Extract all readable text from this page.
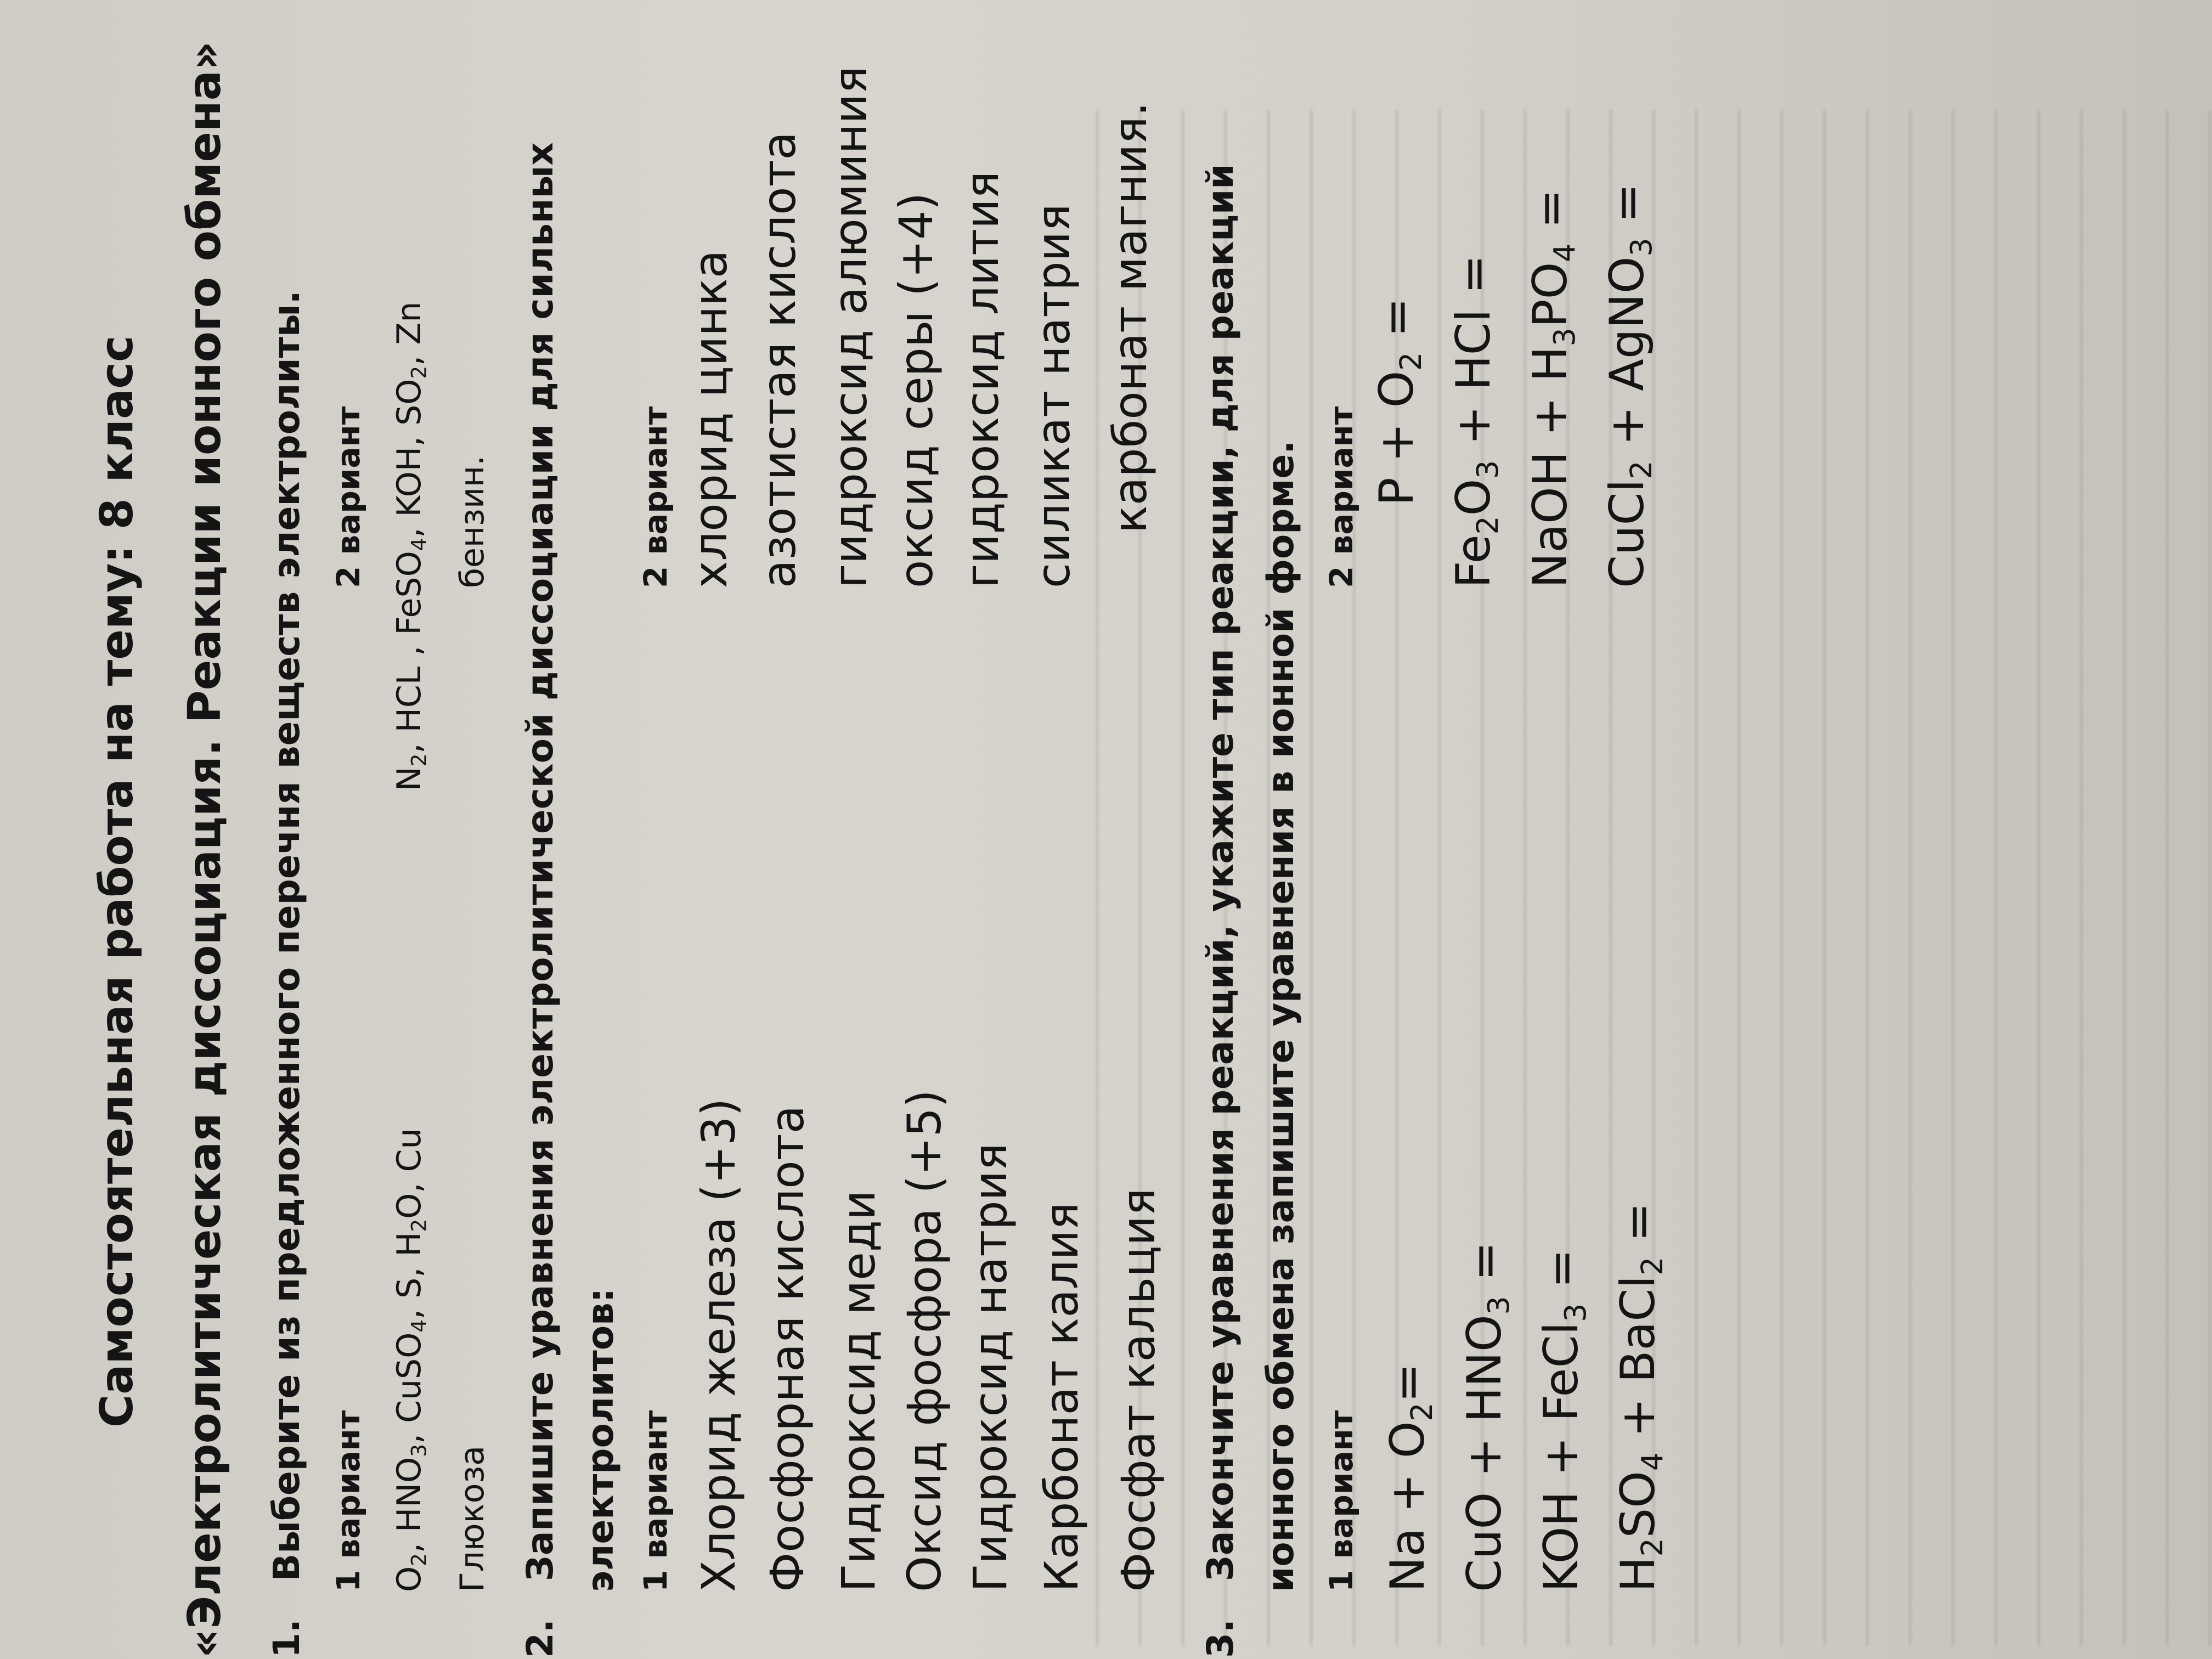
Самостоятельная работа на тему: 8 класс «Электролитическая диссоциация. Реакции ионного обмена» 1.   Выберите из предложенного перечня веществ электролиты. 1 вариант
2 вариант
$O_2$, $HNO_3$, CuSO$_4$, S, $H_2O$, Cu
$N_2$, HCL , FeSO$_4$, KOH, $SO_2$, Zn
Глюкоза
бензин.
2.   Запишите уравнения электролитической диссоциации для сильных электролитов: 1 вариант
2 вариант
Хлорид железа (+3)
хлорид цинка
Фосфорная кислота
азотистая кислота
Гидроксид меди
гидроксид алюминия
Оксид фосфора (+5)
оксид серы (+4)
Гидроксид натрия
гидроксид лития
Карбонат калия
силикат натрия
Фосфат кальция
карбонат магния.
3.   Закончите уравнения реакций, укажите тип реакции, для реакций ионного обмена запишите уравнения в ионной форме. 1 вариант
2 вариант
$Na + O_2=$ CuO + $HNO_3$ =
KOH + FeCl$_3$ =
$H_2SO_4$ + BaCl$_2$ =
$P + O_2$ =
$Fe_2O_3$ + HCl = NaOH + $H_3PO_4$ =
CuCl$_2$ + AgNO$_3$ =
